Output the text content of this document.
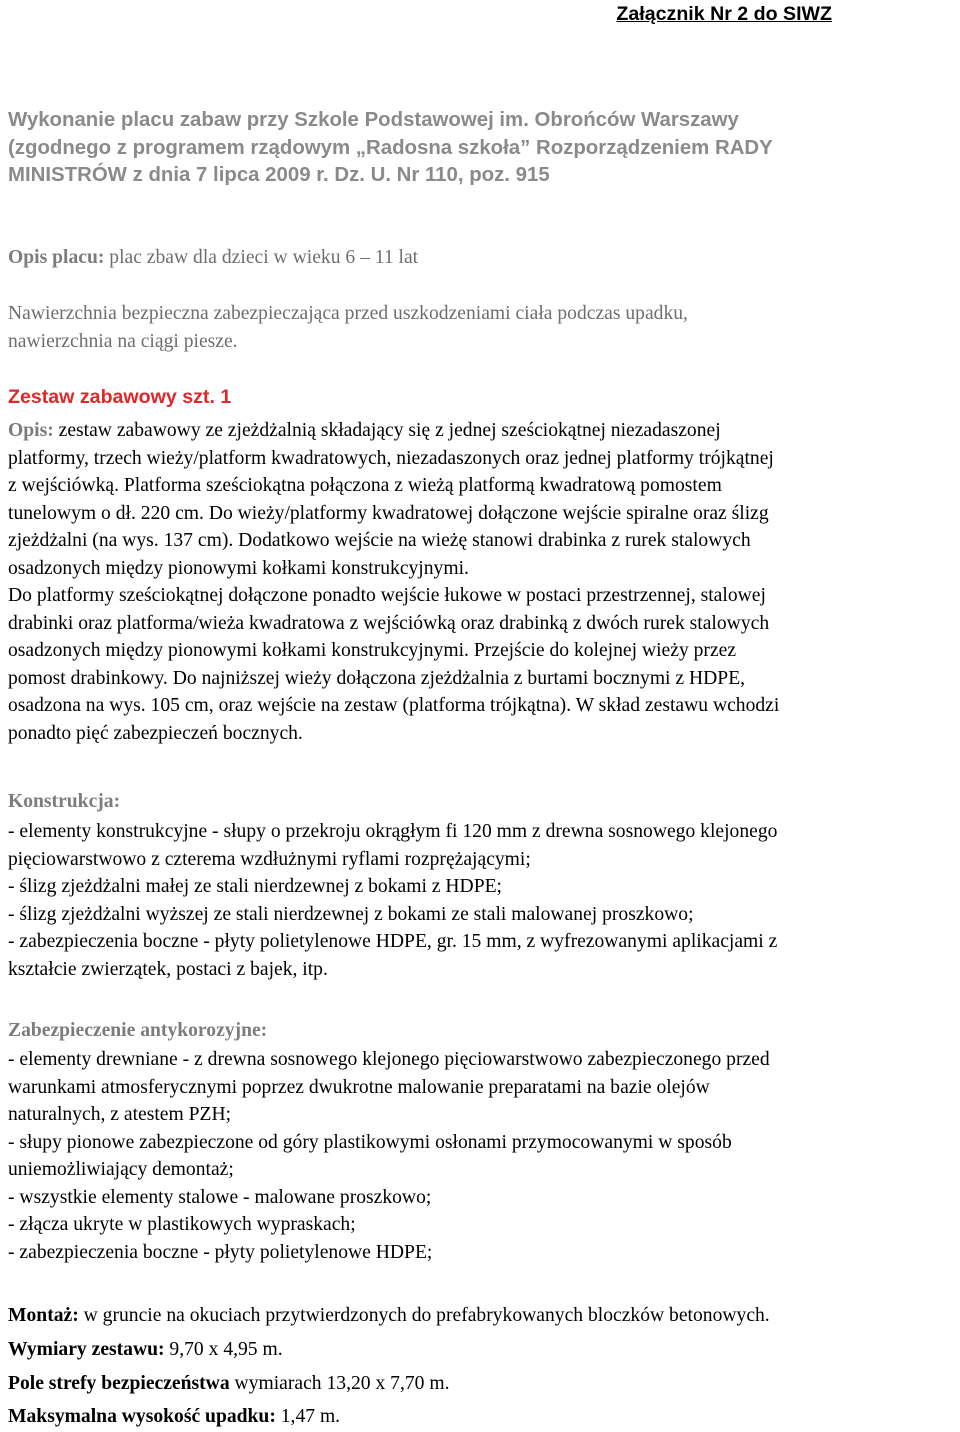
Załącznik Nr 2 do SIWZ
Wykonanie placu zabaw przy Szkole Podstawowej im. Obrońców Warszawy
(zgodnego z programem rządowym „Radosna szkoła” Rozporządzeniem RADY
MINISTRÓW z dnia 7 lipca 2009 r. Dz. U. Nr 110, poz. 915

Opis placu: plac zbaw dla dzieci w wieku 6 – 11 lat

Nawierzchnia bezpieczna zabezpieczająca przed uszkodzeniami ciała podczas upadku,
nawierzchnia na ciągi piesze.

Zestaw zabawowy szt. 1

Opis: zestaw zabawowy ze zjeżdżalnią składający się z jednej sześciokątnej niezadaszonej
platformy, trzech wieży/platform kwadratowych, niezadaszonych oraz jednej platformy trójkątnej
z wejściówką. Platforma sześciokątna połączona z wieżą platformą kwadratową pomostem
tunelowym o dł. 220 cm. Do wieży/platformy kwadratowej dołączone wejście spiralne oraz ślizg
zjeżdżalni (na wys. 137 cm). Dodatkowo wejście na wieżę stanowi drabinka z rurek stalowych
osadzonych między pionowymi kołkami konstrukcyjnymi.
Do platformy sześciokątnej dołączone ponadto wejście łukowe w postaci przestrzennej, stalowej
drabinki oraz platforma/wieża kwadratowa z wejściówką oraz drabinką z dwóch rurek stalowych
osadzonych między pionowymi kołkami konstrukcyjnymi. Przejście do kolejnej wieży przez
pomost drabinkowy. Do najniższej wieży dołączona zjeżdżalnia z burtami bocznymi z HDPE,
osadzona na wys. 105 cm, oraz wejście na zestaw (platforma trójkątna). W skład zestawu wchodzi
ponadto pięć zabezpieczeń bocznych.

Konstrukcja:

- elementy konstrukcyjne - słupy o przekroju okrągłym fi 120 mm z drewna sosnowego klejonego
pięciowarstwowo z czterema wzdłużnymi ryflami rozprężającymi;
- ślizg zjeżdżalni małej ze stali nierdzewnej z bokami z HDPE;
- ślizg zjeżdżalni wyższej ze stali nierdzewnej z bokami ze stali malowanej proszkowo;
- zabezpieczenia boczne - płyty polietylenowe HDPE, gr. 15 mm, z wyfrezowanymi aplikacjami z
kształcie zwierzątek, postaci z bajek, itp.

Zabezpieczenie antykorozyjne:

- elementy drewniane - z drewna sosnowego klejonego pięciowarstwowo zabezpieczonego przed
warunkami atmosferycznymi poprzez dwukrotne malowanie preparatami na bazie olejów
naturalnych, z atestem PZH;
- słupy pionowe zabezpieczone od góry plastikowymi osłonami przymocowanymi w sposób
uniemożliwiający demontaż;
- wszystkie elementy stalowe - malowane proszkowo;
- złącza ukryte w plastikowych wypraskach;
- zabezpieczenia boczne - płyty polietylenowe HDPE;

Montaż: w gruncie na okuciach przytwierdzonych do prefabrykowanych bloczków betonowych.

Wymiary zestawu: 9,70 x 4,95 m.

Pole strefy bezpieczeństwa wymiarach 13,20 x 7,70 m.

Maksymalna wysokość upadku: 1,47 m.
